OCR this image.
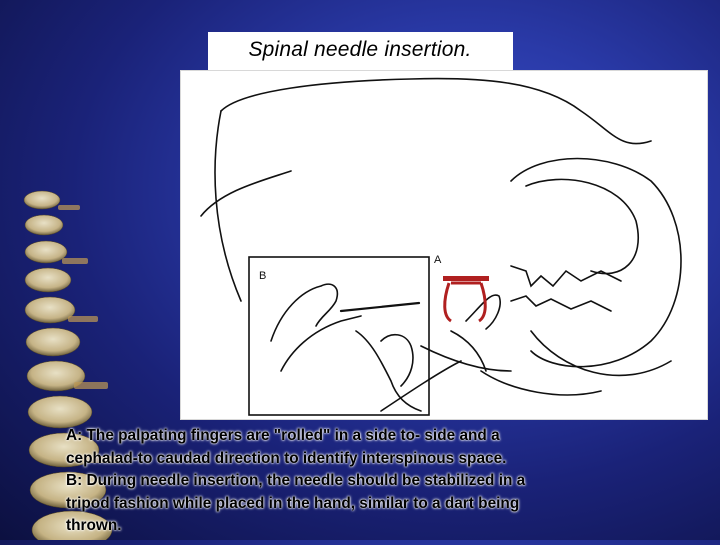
Spinal needle insertion.
A
B
A: The palpating fingers are "rolled" in a side to- side and a
cephalad-to caudad direction to identify interspinous space.
B: During needle insertion, the needle should be stabilized in a
tripod fashion while placed in the hand, similar to a dart being
thrown.
